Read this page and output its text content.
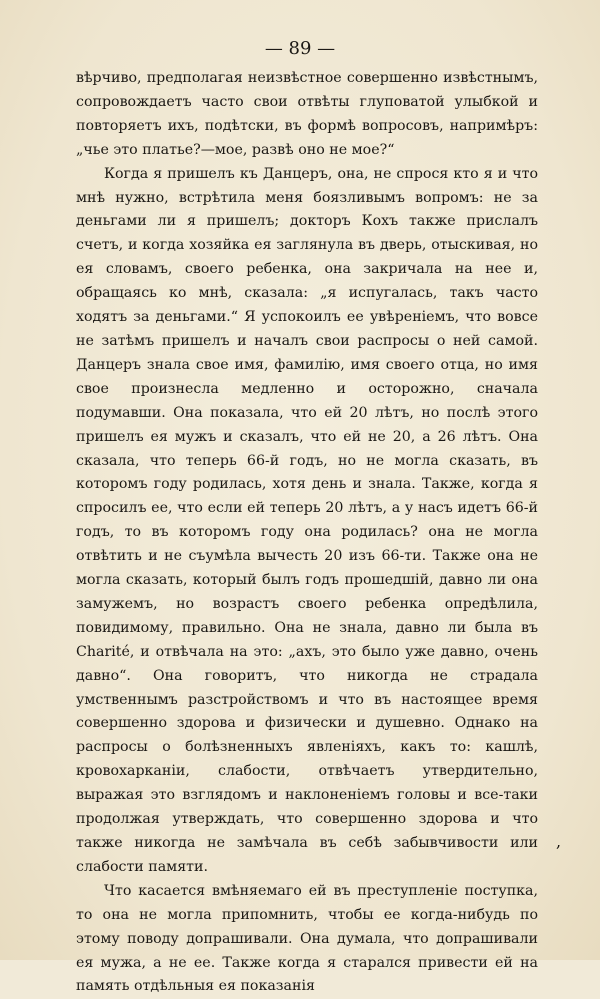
— 89 —

вѣрчиво, предполагая неизвѣстное совершенно извѣстнымъ, сопровождаетъ часто свои отвѣты глуповатой улыбкой и повторяетъ ихъ, подѣтски, въ формѣ вопросовъ, напримѣръ: „чье это платье?—мое, развѣ оно не мое?“

Когда я пришелъ къ Данцеръ, она, не спрося кто я и что мнѣ нужно, встрѣтила меня боязливымъ вопромъ: не за деньгами ли я пришелъ; докторъ Кохъ также прислалъ счетъ, и когда хозяйка ея заглянула въ дверь, отыскивая, но ея словамъ, своего ребенка, она закричала на нее и, обращаясь ко мнѣ, сказала: „я испугалась, такъ часто ходятъ за деньгами.“ Я успокоилъ ее увѣреніемъ, что вовсе не затѣмъ пришелъ и началъ свои распросы о ней самой. Данцеръ знала свое имя, фамилію, имя своего отца, но имя свое произнесла медленно и осторожно, сначала подумавши. Она показала, что ей 20 лѣтъ, но послѣ этого пришелъ ея мужъ и сказалъ, что ей не 20, а 26 лѣтъ. Она сказала, что теперь 66-й годъ, но не могла сказать, въ которомъ году родилась, хотя день и знала. Также, когда я спросилъ ее, что если ей теперь 20 лѣтъ, а у насъ идетъ 66-й годъ, то въ которомъ году она родилась? она не могла отвѣтить и не съумѣла вычесть 20 изъ 66-ти. Также она не могла сказать, который былъ годъ прошедшій, давно ли она замужемъ, но возрастъ своего ребенка опредѣлила, повидимому, правильно. Она не знала, давно ли была въ Charité, и отвѣчала на это: „ахъ, это было уже давно, очень давно“. Она говоритъ, что никогда не страдала умственнымъ разстройствомъ и что въ настоящее время совершенно здорова и физически и душевно. Однако на распросы о болѣзненныхъ явленіяхъ, какъ то: кашлѣ, кровохарканіи, слабости, отвѣчаетъ утвердительно, выражая это взглядомъ и наклоненіемъ головы и все-таки продолжая утверждать, что совершенно здорова и что также никогда не замѣчала въ себѣ забывчивости или слабости памяти.

Что касается вмѣняемаго ей въ преступленіе поступка, то она не могла припомнить, чтобы ее когда-нибудь по этому поводу допрашивали. Она думала, что допрашивали ея мужа, а не ее. Также когда я старался привести ей на память отдѣльныя ея показанія

,
